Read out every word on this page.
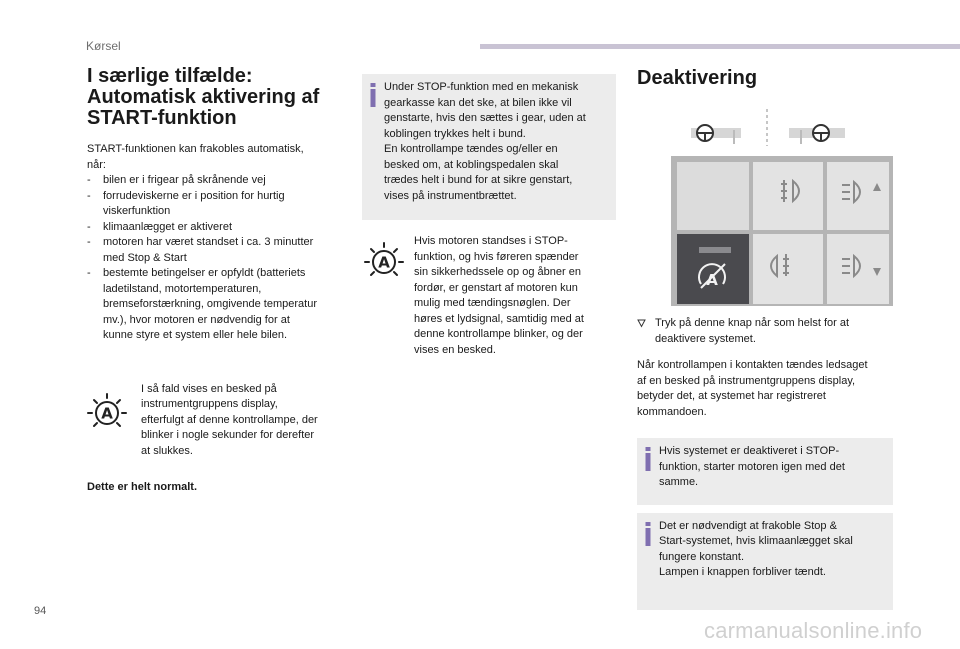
Kørsel
I særlige tilfælde:
Automatisk aktivering af
START-funktion

START-funktionen kan frakobles automatisk,
når:

- bilen er i frigear på skrånende vej
- forrudeviskerne er i position for hurtig
viskerfunktion
- klimaanlægget er aktiveret
- motoren har været standset i ca. 3 minutter
med Stop & Start
- bestemte betingelser er opfyldt (batteriets
ladetilstand, motortemperaturen,
bremseforstærkning, omgivende temperatur
mv.), hvor motoren er nødvendig for at
kunne styre et system eller hele bilen.
A

I så fald vises en besked på
instrumentgruppens display,
efterfulgt af denne kontrollampe, der
blinker i nogle sekunder for derefter
at slukkes.

Dette er helt normalt.

Under STOP-funktion med en mekanisk
gearkasse kan det ske, at bilen ikke vil
genstarte, hvis den sættes i gear, uden at
koblingen trykkes helt i bund.
En kontrollampe tændes og/eller en
besked om, at koblingspedalen skal
trædes helt i bund for at sikre genstart,
vises på instrumentbrættet.

A

Hvis motoren standses i STOP-
funktion, og hvis føreren spænder
sin sikkerhedssele op og åbner en
fordør, er genstart af motoren kun
mulig med tændingsnøglen. Der
høres et lydsignal, samtidig med at
denne kontrollampe blinker, og der
vises en besked.

Deaktivering
A

Tryk på denne knap når som helst for at
deaktivere systemet.

Når kontrollampen i kontakten tændes ledsaget
af en besked på instrumentgruppens display,
betyder det, at systemet har registreret
kommandoen.

Hvis systemet er deaktiveret i STOP-
funktion, starter motoren igen med det
samme.

Det er nødvendigt at frakoble Stop &
Start-systemet, hvis klimaanlægget skal
fungere konstant.
Lampen i knappen forbliver tændt.

94
carmanualsonline.info
